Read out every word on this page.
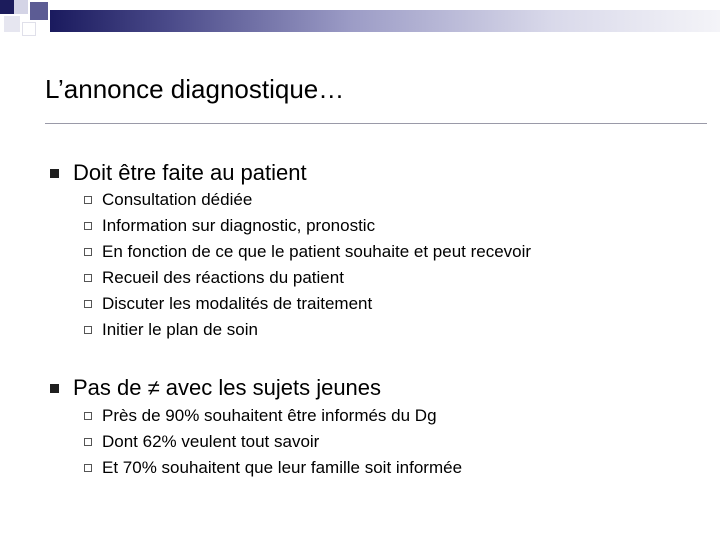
L’annonce diagnostique…
Doit être faite au patient
Consultation dédiée
Information sur diagnostic, pronostic
En fonction de ce que le patient souhaite et peut recevoir
Recueil des réactions du patient
Discuter les modalités de traitement
Initier le plan de soin
Pas de ≠ avec les sujets jeunes
Près de 90% souhaitent être informés du Dg
Dont 62% veulent tout savoir
Et 70% souhaitent que leur famille soit informée
